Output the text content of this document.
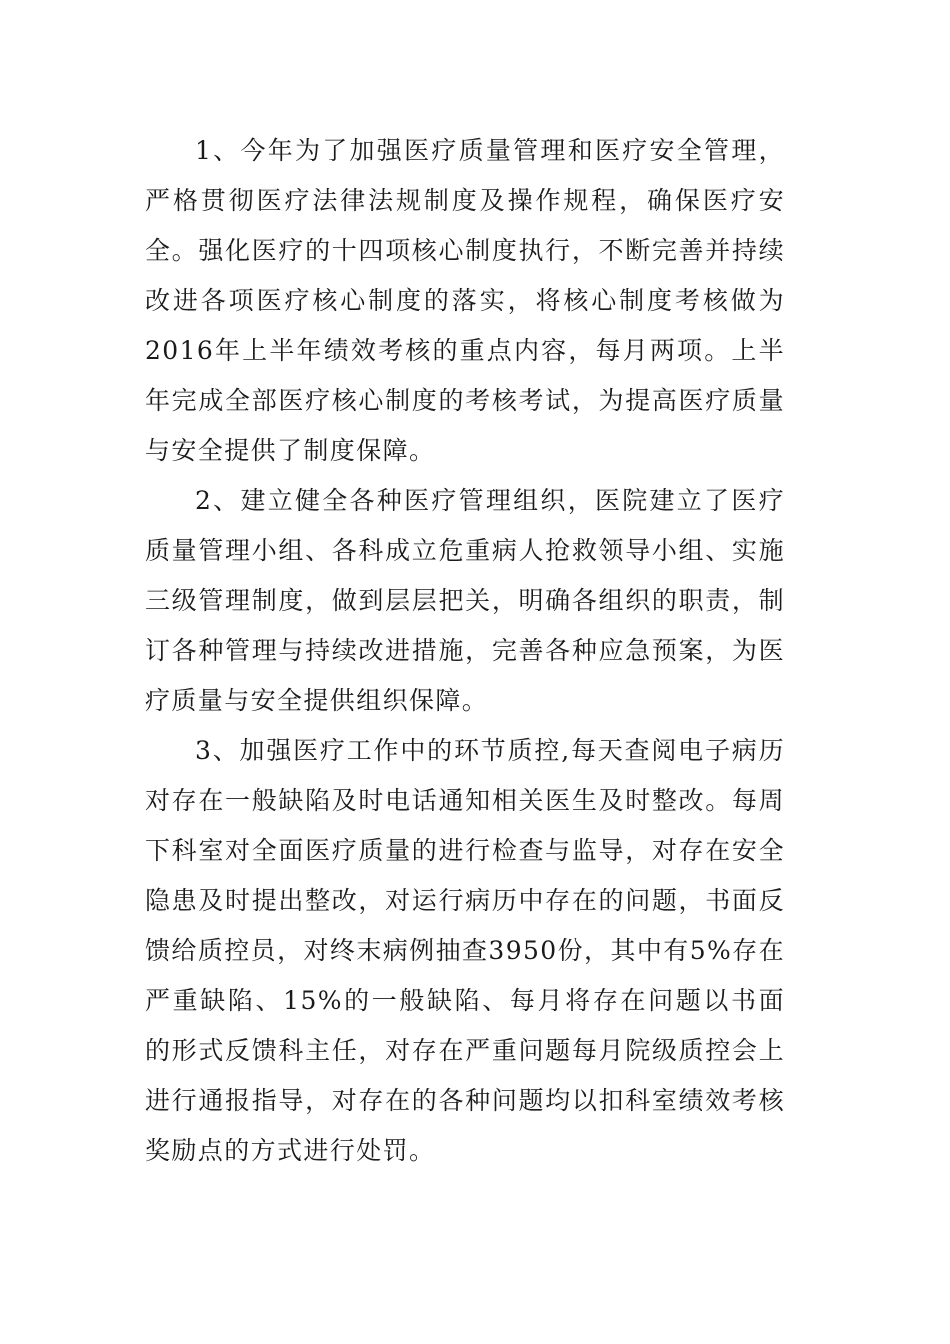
1、今年为了加强医疗质量管理和医疗安全管理，严格贯彻医疗法律法规制度及操作规程，确保医疗安全。强化医疗的十四项核心制度执行，不断完善并持续改进各项医疗核心制度的落实，将核心制度考核做为2016年上半年绩效考核的重点内容，每月两项。上半年完成全部医疗核心制度的考核考试，为提高医疗质量与安全提供了制度保障。

2、建立健全各种医疗管理组织，医院建立了医疗质量管理小组、各科成立危重病人抢救领导小组、实施三级管理制度，做到层层把关，明确各组织的职责，制订各种管理与持续改进措施，完善各种应急预案，为医疗质量与安全提供组织保障。

3、加强医疗工作中的环节质控,每天查阅电子病历对存在一般缺陷及时电话通知相关医生及时整改。每周下科室对全面医疗质量的进行检查与监导，对存在安全隐患及时提出整改，对运行病历中存在的问题，书面反馈给质控员，对终末病例抽查3950份，其中有5%存在严重缺陷、15%的一般缺陷、每月将存在问题以书面的形式反馈科主任，对存在严重问题每月院级质控会上进行通报指导，对存在的各种问题均以扣科室绩效考核奖励点的方式进行处罚。
